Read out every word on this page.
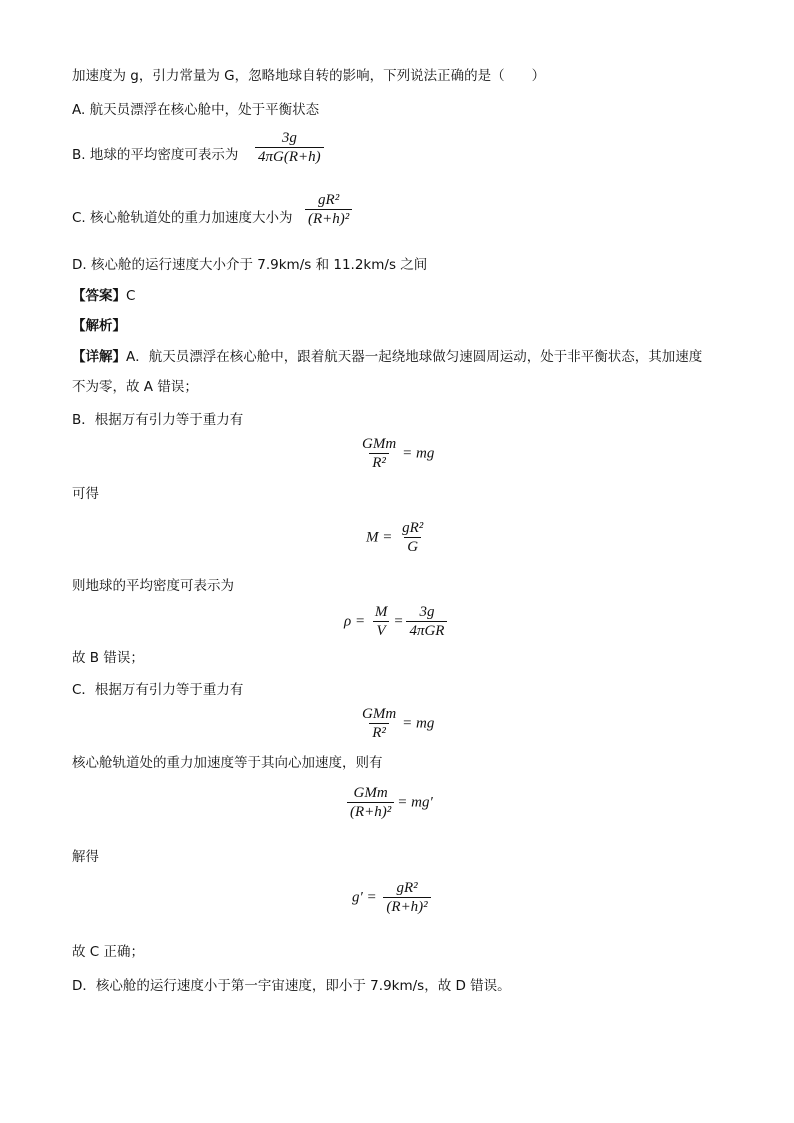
加速度为 g，引力常量为 G，忽略地球自转的影响，下列说法正确的是（　　）
A. 航天员漂浮在核心舱中，处于平衡状态
B. 地球的平均密度可表示为 $\frac{3g}{4\pi G(R+h)}$
C. 核心舱轨道处的重力加速度大小为 $\frac{\text{gR²}}{\text{(R+h)²}}$
D. 核心舱的运行速度大小介于 7.9km/s 和 11.2km/s 之间
【答案】C
【解析】
【详解】A．航天员漂浮在核心舱中，跟着航天器一起绕地球做匀速圆周运动，处于非平衡状态，其加速度
不为零，故 A 错误；
B．根据万有引力等于重力有
$\frac{\text{GMm}}{\text{R²}}$ = mg
可得
$M = \frac{\text{gR²}}{G}$
则地球的平均密度可表示为
$\rho = \frac{M}{V} = \frac{3g}{\text{4πGR}}$
故 B 错误；
C．根据万有引力等于重力有
$\frac{\text{GMm}}{\text{R²}}$ = mg
核心舱轨道处的重力加速度等于其向心加速度，则有
$\frac{\text{GMm}}{\text{(R+h)²}} = mg'$
解得
$g' = \frac{\text{gR²}}{\text{(R+h)²}}$
故 C 正确；
D．核心舱的运行速度小于第一宇宙速度，即小于 7.9km/s，故 D 错误。
